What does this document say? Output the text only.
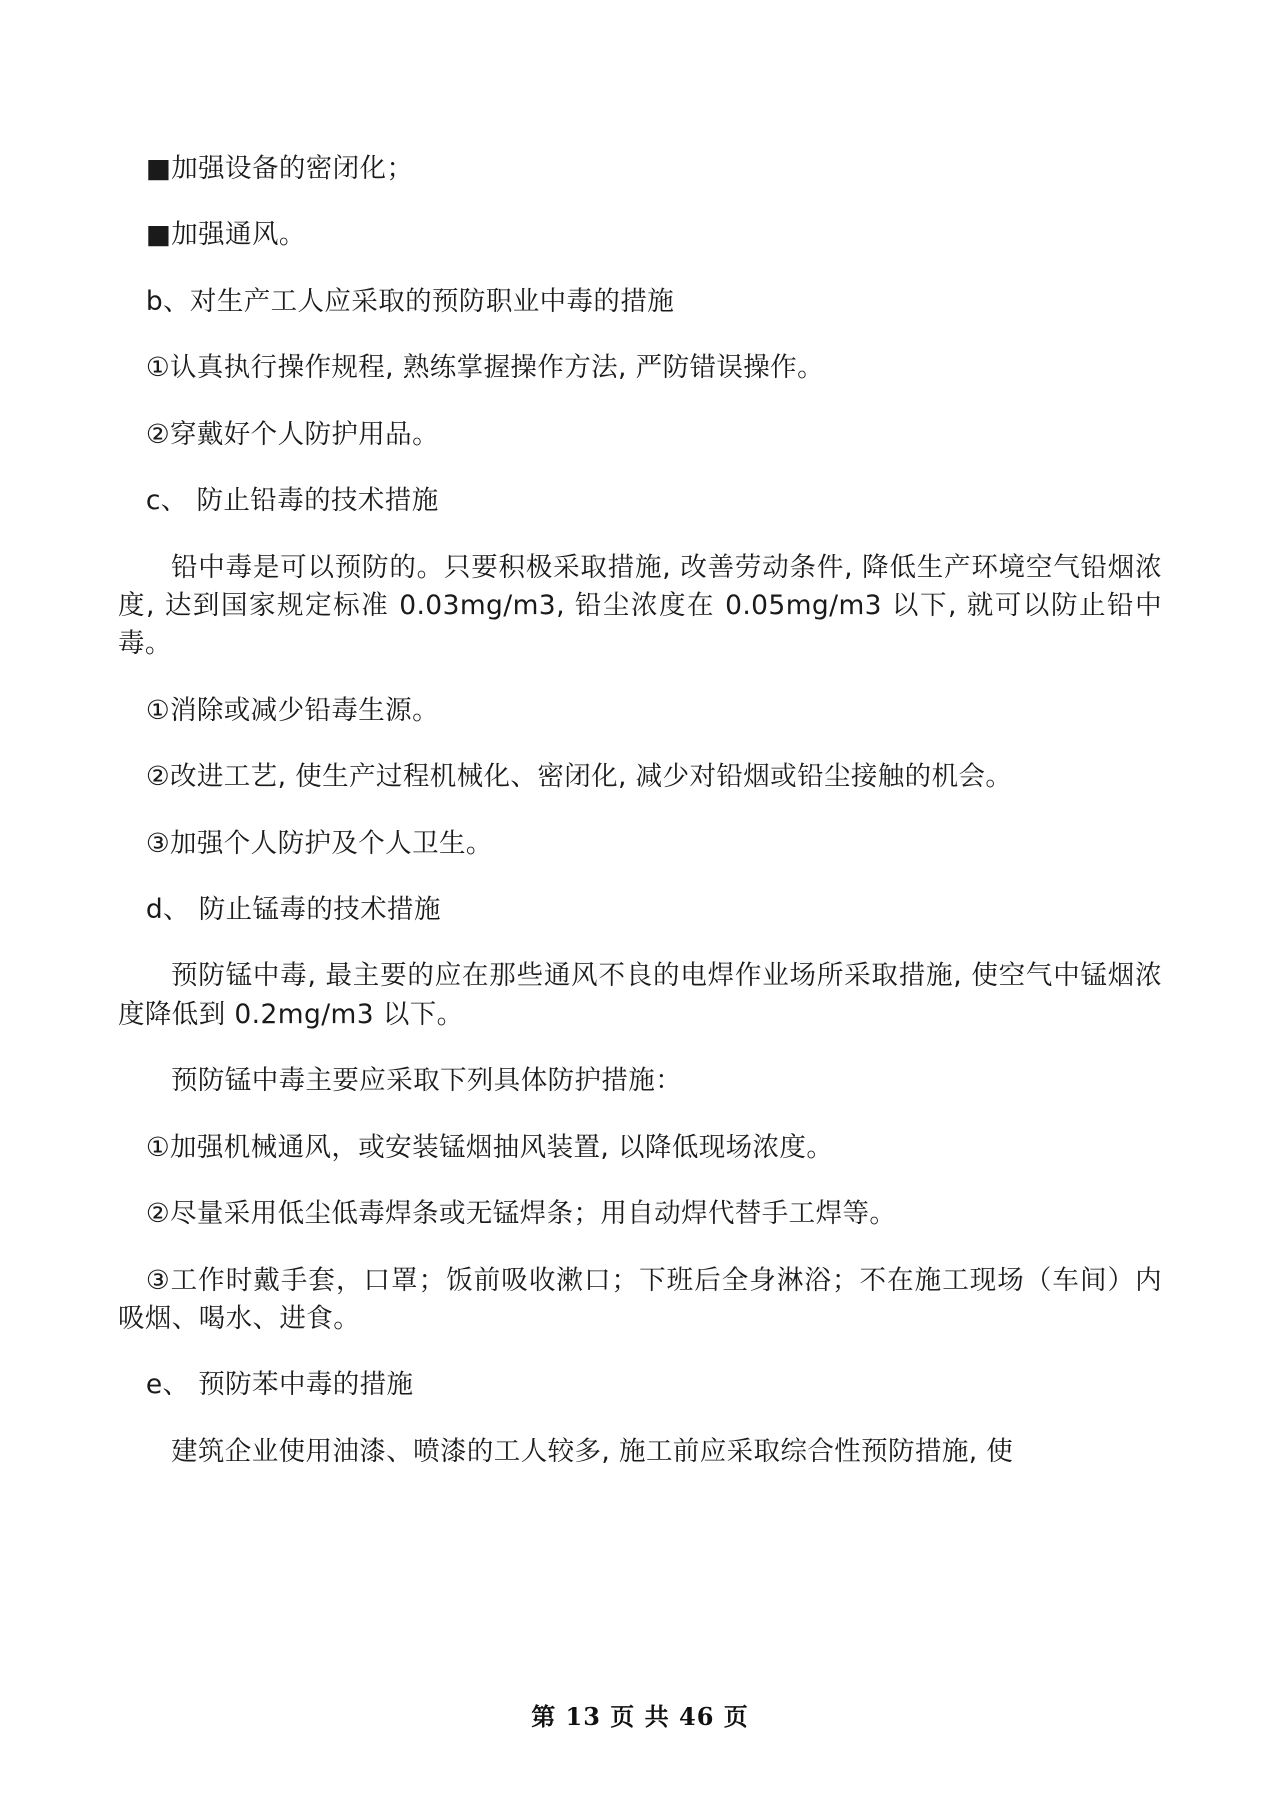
■加强设备的密闭化；

■加强通风。

b、对生产工人应采取的预防职业中毒的措施

①认真执行操作规程, 熟练掌握操作方法, 严防错误操作。

②穿戴好个人防护用品。

c、 防止铅毒的技术措施

铅中毒是可以预防的。只要积极采取措施, 改善劳动条件, 降低生产环境空气铅烟浓度, 达到国家规定标准 0.03mg/m3, 铅尘浓度在 0.05mg/m3 以下, 就可以防止铅中毒。

①消除或减少铅毒生源。

②改进工艺, 使生产过程机械化、密闭化, 减少对铅烟或铅尘接触的机会。

③加强个人防护及个人卫生。

d、 防止锰毒的技术措施

预防锰中毒, 最主要的应在那些通风不良的电焊作业场所采取措施, 使空气中锰烟浓度降低到 0.2mg/m3 以下。

预防锰中毒主要应采取下列具体防护措施：

①加强机械通风，或安装锰烟抽风装置, 以降低现场浓度。

②尽量采用低尘低毒焊条或无锰焊条；用自动焊代替手工焊等。

③工作时戴手套，口罩；饭前吸收漱口；下班后全身淋浴；不在施工现场（车间）内吸烟、喝水、进食。

e、 预防苯中毒的措施

建筑企业使用油漆、喷漆的工人较多, 施工前应采取综合性预防措施, 使

第 13 页 共 46 页
